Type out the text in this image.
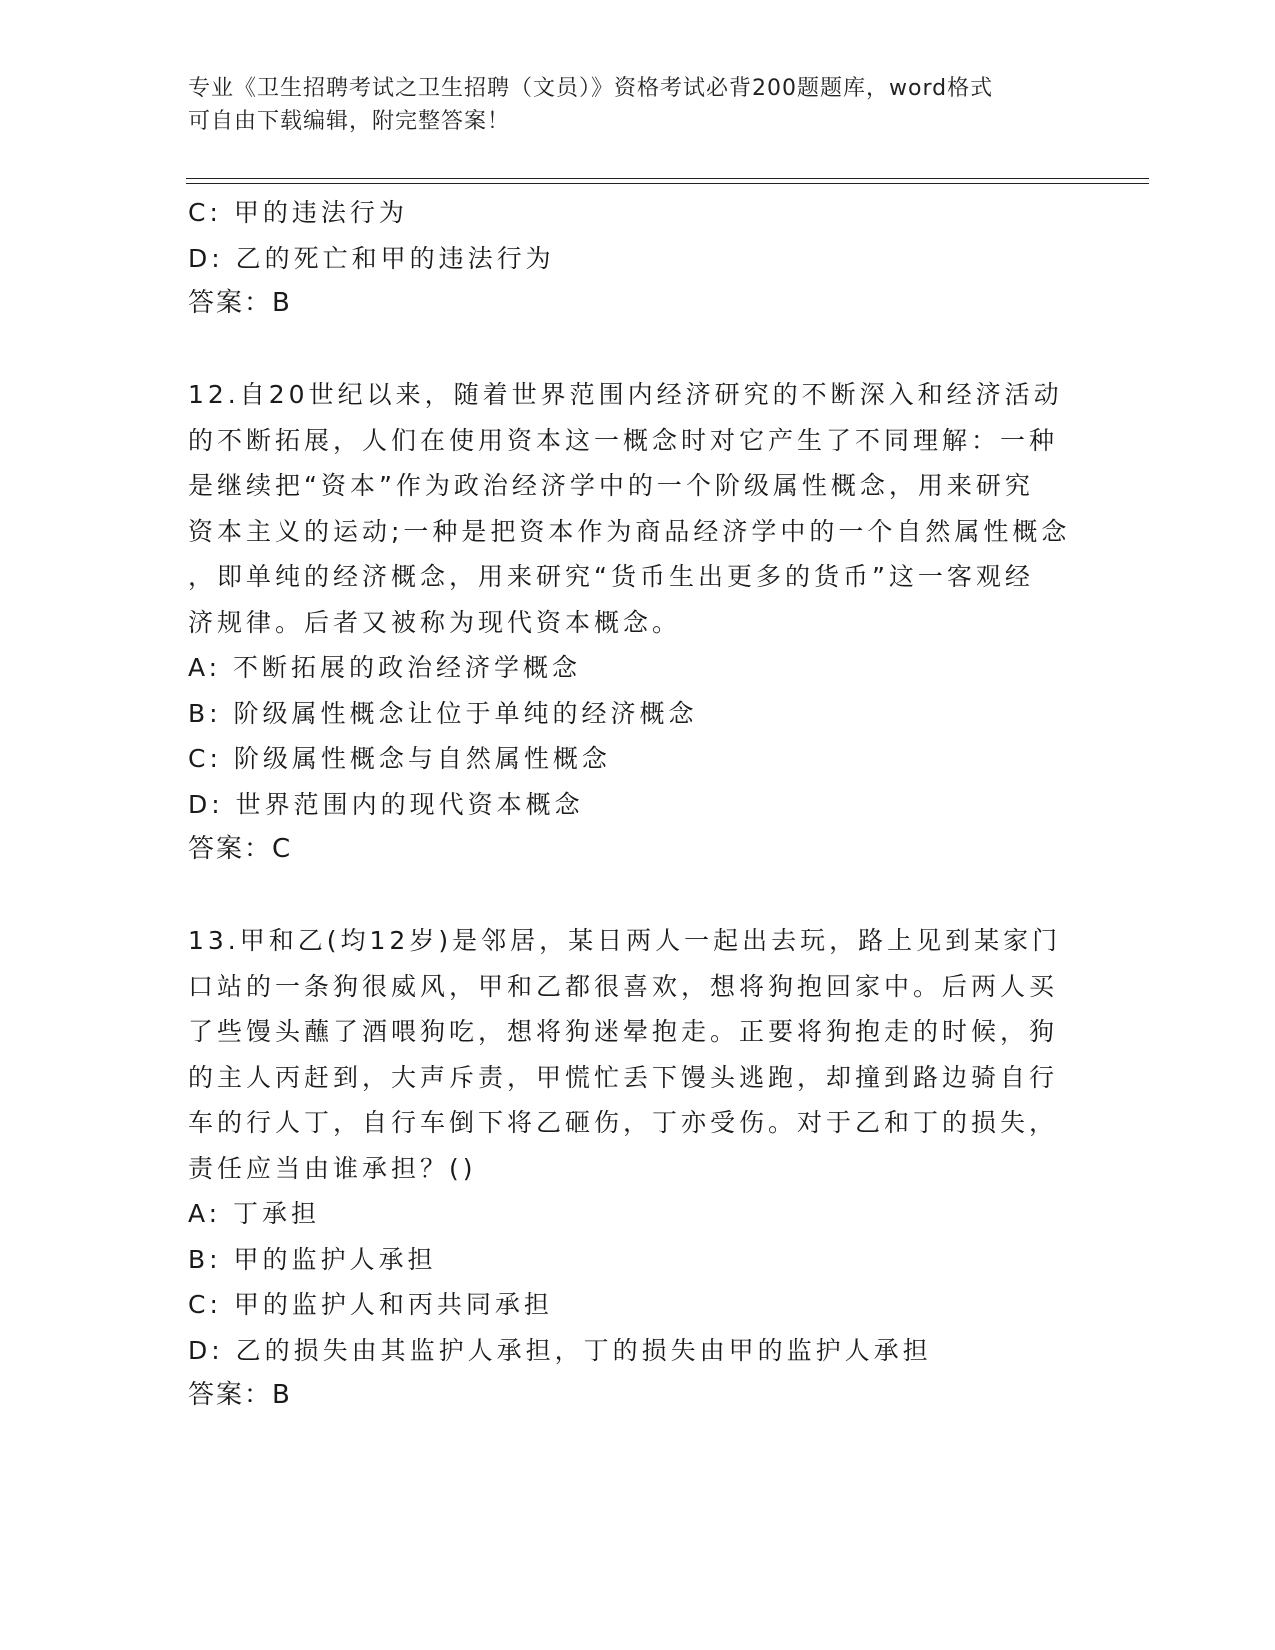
专业《卫生招聘考试之卫生招聘（文员）》资格考试必背200题题库，word格式
可自由下载编辑，附完整答案！
C: 甲的违法行为
D: 乙的死亡和甲的违法行为
答案：B
12.自20世纪以来，随着世界范围内经济研究的不断深入和经济活动
的不断拓展，人们在使用资本这一概念时对它产生了不同理解：一种
是继续把“资本”作为政治经济学中的一个阶级属性概念，用来研究
资本主义的运动;一种是把资本作为商品经济学中的一个自然属性概念
，即单纯的经济概念，用来研究“货币生出更多的货币”这一客观经
济规律。后者又被称为现代资本概念。
A: 不断拓展的政治经济学概念
B: 阶级属性概念让位于单纯的经济概念
C: 阶级属性概念与自然属性概念
D: 世界范围内的现代资本概念
答案：C
13.甲和乙(均12岁)是邻居，某日两人一起出去玩，路上见到某家门
口站的一条狗很威风，甲和乙都很喜欢，想将狗抱回家中。后两人买
了些馒头蘸了酒喂狗吃，想将狗迷晕抱走。正要将狗抱走的时候，狗
的主人丙赶到，大声斥责，甲慌忙丢下馒头逃跑，却撞到路边骑自行
车的行人丁，自行车倒下将乙砸伤，丁亦受伤。对于乙和丁的损失，
责任应当由谁承担？()
A: 丁承担
B: 甲的监护人承担
C: 甲的监护人和丙共同承担
D: 乙的损失由其监护人承担，丁的损失由甲的监护人承担
答案：B
